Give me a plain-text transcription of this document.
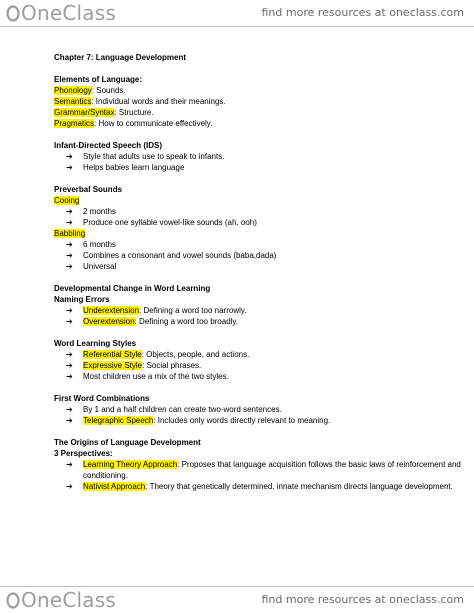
OneClass	find more resources at oneclass.com
Chapter 7: Language Development
Elements of Language:
Phonology: Sounds.
Semantics: Individual words and their meanings.
Grammar/Syntax: Structure.
Pragmatics: How to communicate effectively.
Infant-Directed Speech (IDS)
➔ Style that adults use to speak to infants.
➔ Helps babies learn language
Preverbal Sounds
Cooing
➔ 2 months
➔ Produce one syllable vowel-like sounds (ah, ooh)
Babbling
➔ 6 months
➔ Combines a consonant and vowel sounds (baba,dada)
➔ Universal
Developmental Change in Word Learning
Naming Errors
➔ Underextension: Defining a word too narrowly.
➔ Overextension: Defining a word too broadly.
Word Learning Styles
➔ Referential Style: Objects, people, and actions.
➔ Expressive Style: Social phrases.
➔ Most children use a mix of the two styles.
First Word Combinations
➔ By 1 and a half children can create two-word sentences.
➔ Telegraphic Speech: Includes only words directly relevant to meaning.
The Origins of Language Development
3 Perspectives:
➔ Learning Theory Approach: Proposes that language acquisition follows the basic laws of reinforcement and conditioning.
➔ Nativist Approach: Theory that genetically determined, innate mechanism directs language development.
OneClass	find more resources at oneclass.com
